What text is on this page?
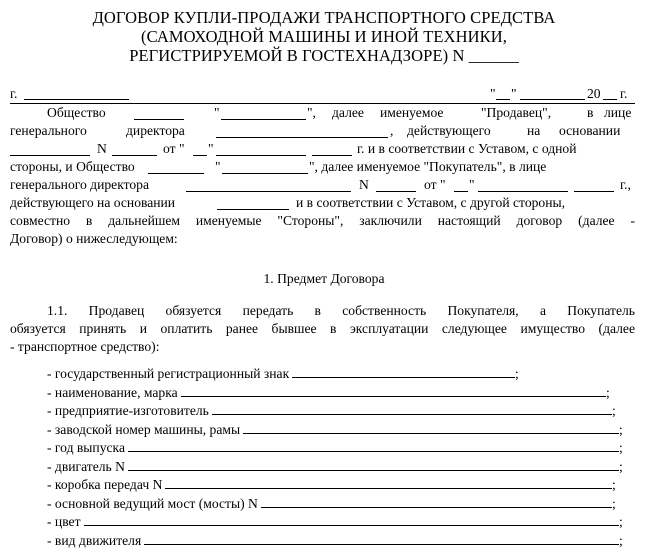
ДОГОВОР КУПЛИ-ПРОДАЖИ ТРАНСПОРТНОГО СРЕДСТВА
(САМОХОДНОЙ МАШИНЫ И ИНОЙ ТЕХНИКИ,
РЕГИСТРИРУЕМОЙ В ГОСТЕХНАДЗОРЕ) N ______
г.	" "	20 г.
Общество	"	", далее именуемое	"Продавец",	в лице
генерального	директора	, действующего	на основании
N	от " "	г. и в соответствии с Уставом, с одной
стороны, и Общество	"	", далее именуемое "Покупатель", в лице
генерального директора	N	от " "	г.,
действующего на основании	и в соответствии с Уставом, с другой стороны,
совместно в дальнейшем именуемые "Стороны", заключили настоящий договор (далее -
Договор) о нижеследующем:
1. Предмет Договора
1.1. Продавец обязуется передать в собственность Покупателя, а Покупатель
обязуется принять и оплатить ранее бывшее в эксплуатации следующее имущество (далее
- транспортное средство):
- государственный регистрационный знак	;
- наименование, марка	;
- предприятие-изготовитель	;
- заводской номер машины, рамы	;
- год выпуска	;
- двигатель N	;
- коробка передач N	;
- основной ведущий мост (мосты) N	;
- цвет	;
- вид движителя	;
